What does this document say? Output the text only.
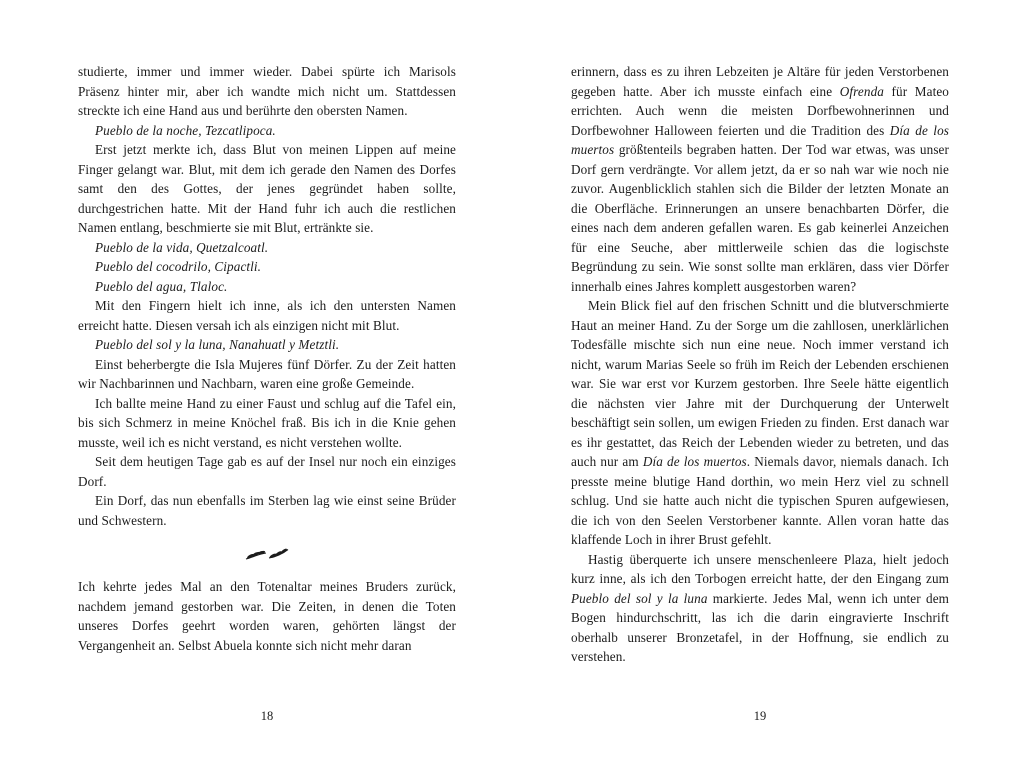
studierte, immer und immer wieder. Dabei spürte ich Marisols Präsenz hinter mir, aber ich wandte mich nicht um. Stattdessen streckte ich eine Hand aus und berührte den obersten Namen.

Pueblo de la noche, Tezcatlipoca.

Erst jetzt merkte ich, dass Blut von meinen Lippen auf meine Finger gelangt war. Blut, mit dem ich gerade den Namen des Dorfes samt den des Gottes, der jenes gegründet haben sollte, durchgestrichen hatte. Mit der Hand fuhr ich auch die restlichen Namen entlang, beschmierte sie mit Blut, ertränkte sie.

Pueblo de la vida, Quetzalcoatl.

Pueblo del cocodrilo, Cipactli.

Pueblo del agua, Tlaloc.

Mit den Fingern hielt ich inne, als ich den untersten Namen erreicht hatte. Diesen versah ich als einzigen nicht mit Blut.

Pueblo del sol y la luna, Nanahuatl y Metztli.

Einst beherbergte die Isla Mujeres fünf Dörfer. Zu der Zeit hatten wir Nachbarinnen und Nachbarn, waren eine große Gemeinde.

Ich ballte meine Hand zu einer Faust und schlug auf die Tafel ein, bis sich Schmerz in meine Knöchel fraß. Bis ich in die Knie gehen musste, weil ich es nicht verstand, es nicht verstehen wollte.

Seit dem heutigen Tage gab es auf der Insel nur noch ein einziges Dorf.

Ein Dorf, das nun ebenfalls im Sterben lag wie einst seine Brüder und Schwestern.

Ich kehrte jedes Mal an den Totenaltar meines Bruders zurück, nachdem jemand gestorben war. Die Zeiten, in denen die Toten unseres Dorfes geehrt worden waren, gehörten längst der Vergangenheit an. Selbst Abuela konnte sich nicht mehr daran

erinnern, dass es zu ihren Lebzeiten je Altäre für jeden Verstorbenen gegeben hatte. Aber ich musste einfach eine Ofrenda für Mateo errichten. Auch wenn die meisten Dorfbewohnerinnen und Dorfbewohner Halloween feierten und die Tradition des Día de los muertos größtenteils begraben hatten. Der Tod war etwas, was unser Dorf gern verdrängte. Vor allem jetzt, da er so nah war wie noch nie zuvor. Augenblicklich stahlen sich die Bilder der letzten Monate an die Oberfläche. Erinnerungen an unsere benachbarten Dörfer, die eines nach dem anderen gefallen waren. Es gab keinerlei Anzeichen für eine Seuche, aber mittlerweile schien das die logischste Begründung zu sein. Wie sonst sollte man erklären, dass vier Dörfer innerhalb eines Jahres komplett ausgestorben waren?

Mein Blick fiel auf den frischen Schnitt und die blutverschmierte Haut an meiner Hand. Zu der Sorge um die zahllosen, unerklärlichen Todesfälle mischte sich nun eine neue. Noch immer verstand ich nicht, warum Marias Seele so früh im Reich der Lebenden erschienen war. Sie war erst vor Kurzem gestorben. Ihre Seele hätte eigentlich die nächsten vier Jahre mit der Durchquerung der Unterwelt beschäftigt sein sollen, um ewigen Frieden zu finden. Erst danach war es ihr gestattet, das Reich der Lebenden wieder zu betreten, und das auch nur am Día de los muertos. Niemals davor, niemals danach. Ich presste meine blutige Hand dorthin, wo mein Herz viel zu schnell schlug. Und sie hatte auch nicht die typischen Spuren aufgewiesen, die ich von den Seelen Verstorbener kannte. Allen voran hatte das klaffende Loch in ihrer Brust gefehlt.

Hastig überquerte ich unsere menschenleere Plaza, hielt jedoch kurz inne, als ich den Torbogen erreicht hatte, der den Eingang zum Pueblo del sol y la luna markierte. Jedes Mal, wenn ich unter dem Bogen hindurchschritt, las ich die darin eingravierte Inschrift oberhalb unserer Bronzetafel, in der Hoffnung, sie endlich zu verstehen.

18	19
